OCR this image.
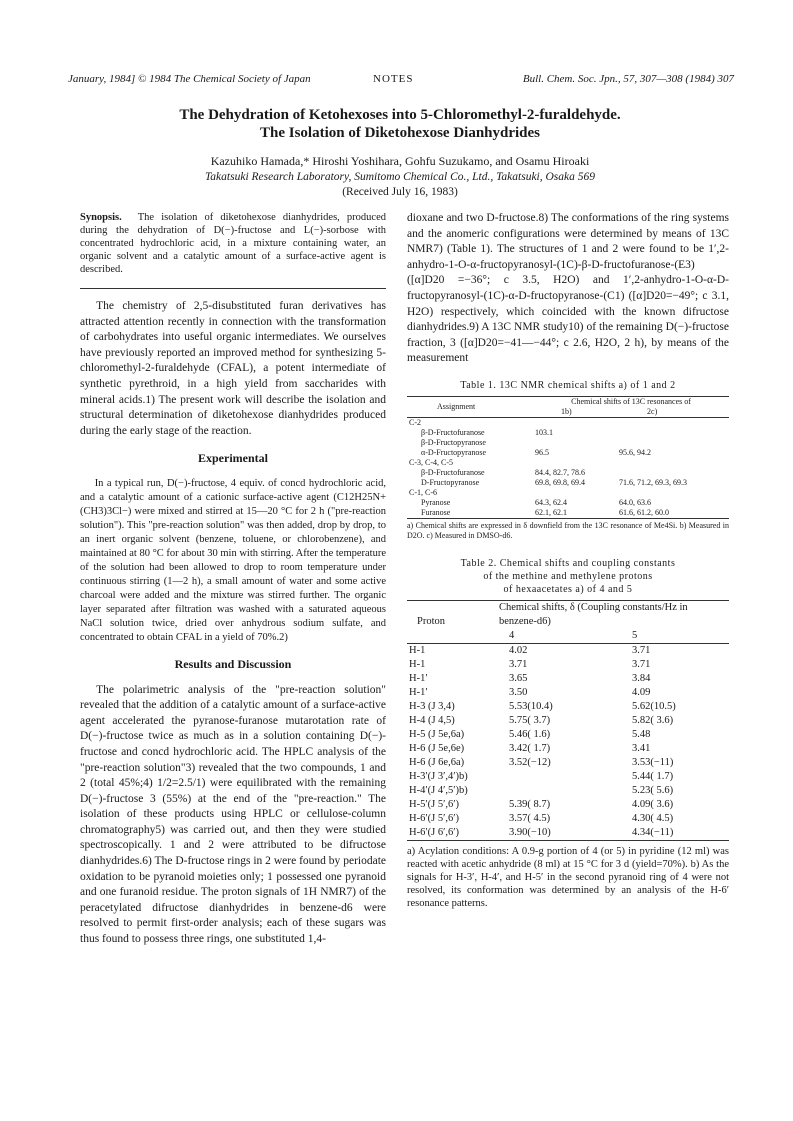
January, 1984] © 1984 The Chemical Society of Japan	NOTES	Bull. Chem. Soc. Jpn., 57, 307—308 (1984) 307
The Dehydration of Ketohexoses into 5-Chloromethyl-2-furaldehyde.
The Isolation of Diketohexose Dianhydrides
Kazuhiko Hamada,* Hiroshi Yoshihara, Gohfu Suzukamo, and Osamu Hiroaki
Takatsuki Research Laboratory, Sumitomo Chemical Co., Ltd., Takatsuki, Osaka 569
(Received July 16, 1983)
Synopsis. The isolation of diketohexose dianhydrides, produced during the dehydration of D(−)-fructose and L(−)-sorbose with concentrated hydrochloric acid, in a mixture containing water, an organic solvent and a catalytic amount of a surface-active agent is described.

The chemistry of 2,5-disubstituted furan derivatives has attracted attention recently in connection with the transformation of carbohydrates into useful organic intermediates. We ourselves have previously reported an improved method for synthesizing 5-chloromethyl-2-furaldehyde (CFAL), a potent intermediate of synthetic pyrethroid, in a high yield from saccharides with mineral acids.1) The present work will describe the isolation and structural determination of diketohexose dianhydrides produced during the early stage of the reaction.

Experimental

In a typical run, D(−)-fructose, 4 equiv. of concd hydrochloric acid, and a catalytic amount of a cationic surface-active agent (C12H25N+(CH3)3Cl−) were mixed and stirred at 15—20 °C for 2 h ("pre-reaction solution"). This "pre-reaction solution" was then added, drop by drop, to an inert organic solvent (benzene, toluene, or chlorobenzene), and maintained at 80 °C for about 30 min with stirring. After the temperature of the solution had been allowed to drop to room temperature under continuous stirring (1—2 h), a small amount of water and some active charcoal were added and the mixture was stirred further. The organic layer separated after filtration was washed with a saturated aqueous NaCl solution twice, dried over anhydrous sodium sulfate, and concentrated to obtain CFAL in a yield of 70%.2)

Results and Discussion

The polarimetric analysis of the "pre-reaction solution" revealed that the addition of a catalytic amount of a surface-active agent accelerated the pyranose-furanose mutarotation rate of D(−)-fructose twice as much as in a solution containing D(−)-fructose and concd hydrochloric acid. The HPLC analysis of the "pre-reaction solution"3) revealed that the two compounds, 1 and 2 (total 45%;4) 1/2=2.5/1) were equilibrated with the remaining D(−)-fructose 3 (55%) at the end of the "pre-reaction." The isolation of these products using HPLC or cellulose-column chromatography5) was carried out, and then they were studied spectroscopically. 1 and 2 were attributed to be difructose dianhydrides.6) The D-fructose rings in 2 were found by periodate oxidation to be pyranoid moieties only; 1 possessed one pyranoid and one furanoid residue. The proton signals of 1H NMR7) of the peracetylated difructose dianhydrides in benzene-d6 were resolved to permit first-order analysis; each of these sugars was thus found to possess three rings, one substituted 1,4-

dioxane and two D-fructose.8) The conformations of the ring systems and the anomeric configurations were determined by means of 13C NMR7) (Table 1). The structures of 1 and 2 were found to be 1′,2-anhydro-1-O-α-fructopyranosyl-(1C)-β-D-fructofuranose-(E3) ([α]D20 =−36°; c 3.5, H2O) and 1′,2-anhydro-1-O-α-D-fructopyranosyl-(1C)-α-D-fructopyranose-(C1) ([α]D20=−49°; c 3.1, H2O) respectively, which coincided with the known difructose dianhydrides.9) A 13C NMR study10) of the remaining D(−)-fructose fraction, 3 ([α]D20=−41—−44°; c 2.6, H2O, 2 h), by means of the measurement

Table 1. 13C NMR chemical shifts a) of 1 and 2
Assignment	Chemical shifts of 13C resonances of	
	1b)	2c)
C-2		
β-D-Fructofuranose	103.1	
β-D-Fructopyranose		
α-D-Fructopyranose	96.5	95.6, 94.2
C-3, C-4, C-5		
β-D-Fructofuranose	84.4, 82.7, 78.6	
D-Fructopyranose	69.8, 69.8, 69.4	71.6, 71.2, 69.3, 69.3
C-1, C-6		
Pyranose	64.3, 62.4	64.0, 63.6
Furanose	62.1, 62.1	61.6, 61.2, 60.0
a) Chemical shifts are expressed in δ downfield from the 13C resonance of Me4Si. b) Measured in D2O. c) Measured in DMSO-d6.
Table 2. Chemical shifts and coupling constants
of the methine and methylene protons
of hexaacetates a) of 4 and 5
Proton	Chemical shifts, δ (Coupling constants/Hz in benzene-d6)	
	4	5
H-1	4.02	3.71
H-1	3.71	3.71
H-1′	3.65	3.84
H-1′	3.50	4.09
H-3 (J 3,4)	5.53(10.4)	5.62(10.5)
H-4 (J 4,5)	5.75( 3.7)	5.82( 3.6)
H-5 (J 5e,6a)	5.46( 1.6)	5.48
H-6 (J 5e,6e)	3.42( 1.7)	3.41
H-6 (J 6e,6a)	3.52(−12)	3.53(−11)
H-3′(J 3′,4′)b)		5.44( 1.7)
H-4′(J 4′,5′)b)		5.23( 5.6)
H-5′(J 5′,6′)	5.39( 8.7)	4.09( 3.6)
H-6′(J 5′,6′)	3.57( 4.5)	4.30( 4.5)
H-6′(J 6′,6′)	3.90(−10)	4.34(−11)
a) Acylation conditions: A 0.9-g portion of 4 (or 5) in pyridine (12 ml) was reacted with acetic anhydride (8 ml) at 15 °C for 3 d (yield=70%). b) As the signals for H-3′, H-4′, and H-5′ in the second pyranoid ring of 4 were not resolved, its conformation was determined by an analysis of the H-6′ resonance patterns.
